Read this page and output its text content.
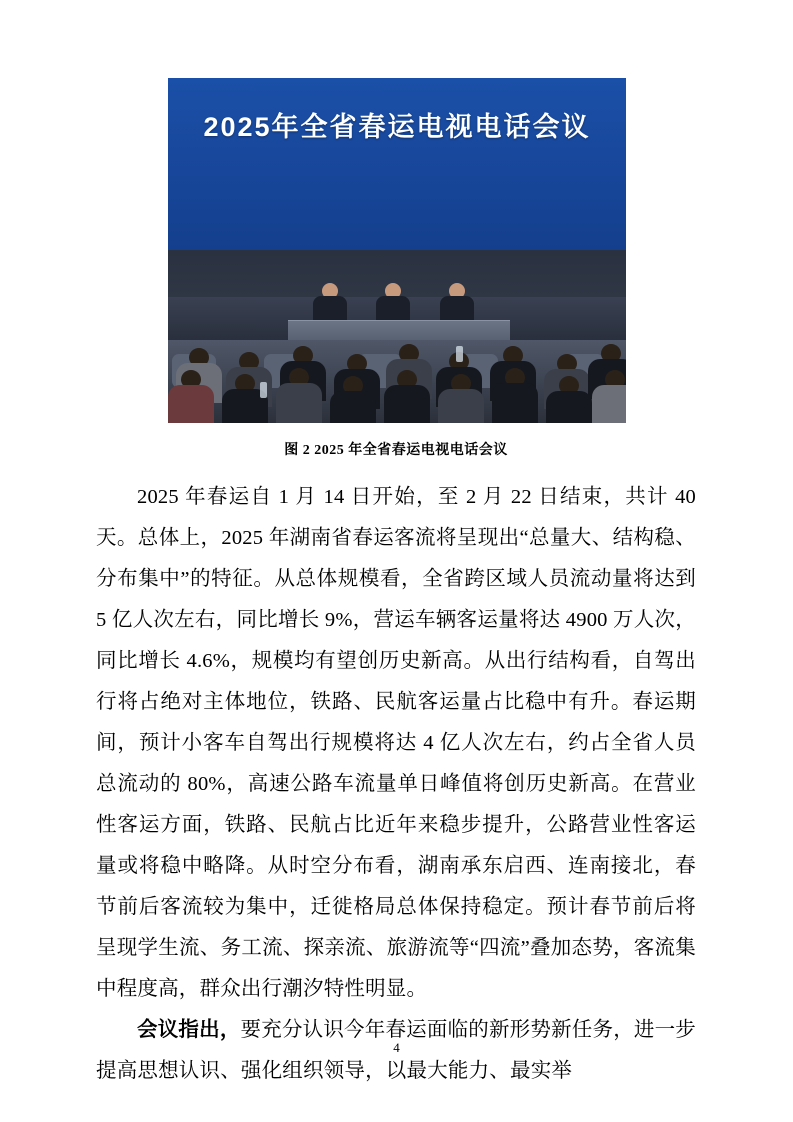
2025年全省春运电视电话会议
图 2 2025 年全省春运电视电话会议

2025 年春运自 1 月 14 日开始，至 2 月 22 日结束，共计 40 天。总体上，2025 年湖南省春运客流将呈现出“总量大、结构稳、分布集中”的特征。从总体规模看，全省跨区域人员流动量将达到 5 亿人次左右，同比增长 9%，营运车辆客运量将达 4900 万人次，同比增长 4.6%，规模均有望创历史新高。从出行结构看，自驾出行将占绝对主体地位，铁路、民航客运量占比稳中有升。春运期间，预计小客车自驾出行规模将达 4 亿人次左右，约占全省人员总流动的 80%，高速公路车流量单日峰值将创历史新高。在营业性客运方面，铁路、民航占比近年来稳步提升，公路营业性客运量或将稳中略降。从时空分布看，湖南承东启西、连南接北，春节前后客流较为集中，迁徙格局总体保持稳定。预计春节前后将呈现学生流、务工流、探亲流、旅游流等“四流”叠加态势，客流集中程度高，群众出行潮汐特性明显。

会议指出，要充分认识今年春运面临的新形势新任务，进一步提高思想认识、强化组织领导，以最大能力、最实举

4
